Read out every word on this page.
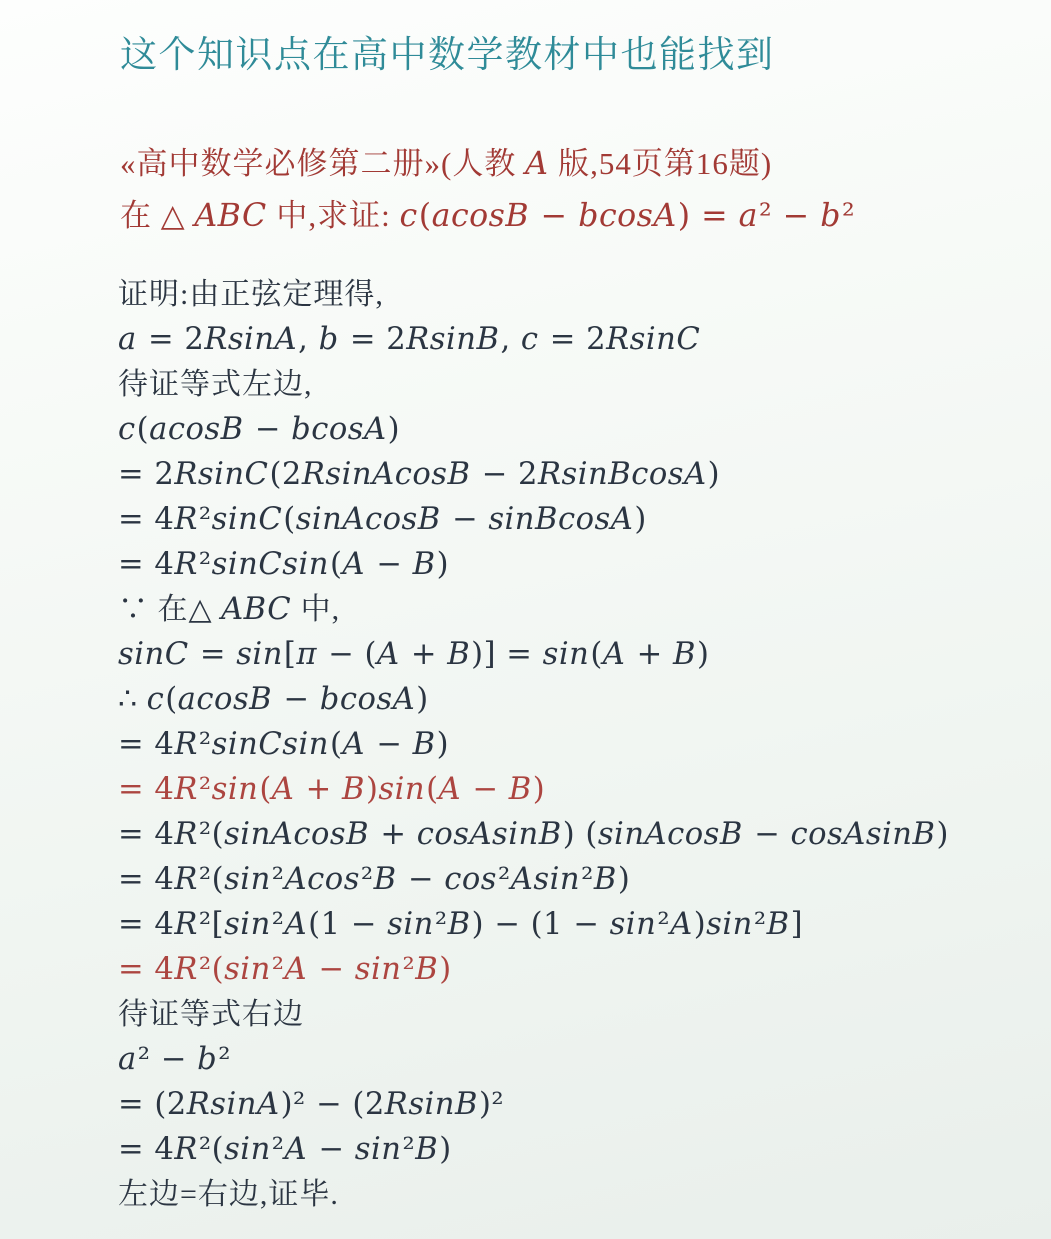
这个知识点在高中数学教材中也能找到
«高中数学必修第二册»(人教 A 版,54页第16题)
在 △ ABC 中,求证: c(acosB − bcosA) = a² − b²
证明:由正弦定理得,
a = 2RsinA, b = 2RsinB, c = 2RsinC
待证等式左边,
c(acosB − bcosA)
= 2RsinC(2RsinAcosB − 2RsinBcosA)
= 4R²sinC(sinAcosB − sinBcosA)
= 4R²sinCsin(A − B)
∵ 在△ ABC 中,
sinC = sin[π − (A + B)] = sin(A + B)
∴ c(acosB − bcosA)
= 4R²sinCsin(A − B)
= 4R²sin(A + B)sin(A − B)
= 4R²(sinAcosB + cosAsinB) (sinAcosB − cosAsinB)
= 4R²(sin²Acos²B − cos²Asin²B)
= 4R²[sin²A(1 − sin²B) − (1 − sin²A)sin²B]
= 4R²(sin²A − sin²B)
待证等式右边
a² − b²
= (2RsinA)² − (2RsinB)²
= 4R²(sin²A − sin²B)
左边=右边,证毕.
